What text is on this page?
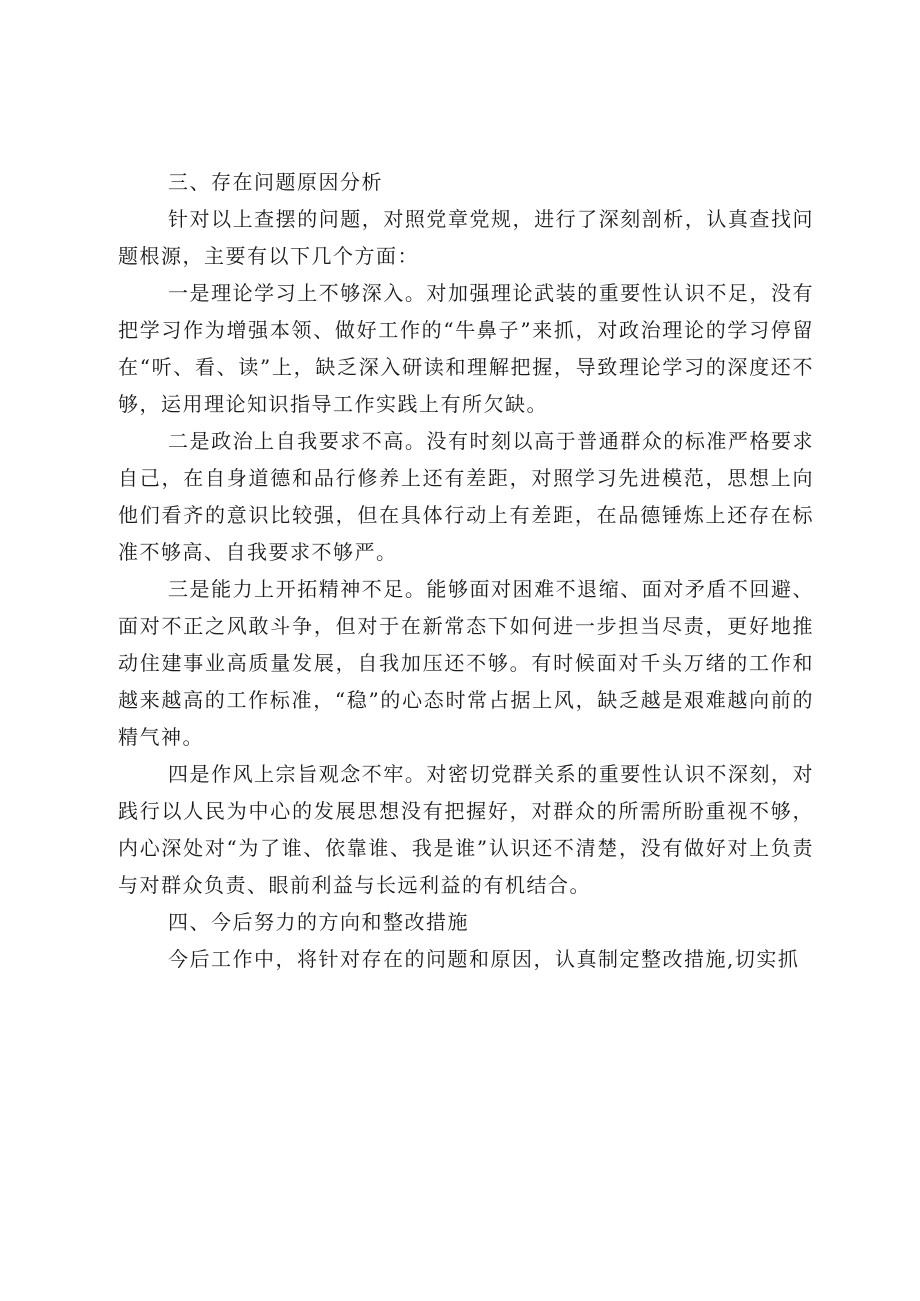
三、存在问题原因分析

针对以上查摆的问题，对照党章党规，进行了深刻剖析，认真查找问题根源，主要有以下几个方面：

一是理论学习上不够深入。对加强理论武装的重要性认识不足，没有把学习作为增强本领、做好工作的“牛鼻子”来抓，对政治理论的学习停留在“听、看、读”上，缺乏深入研读和理解把握，导致理论学习的深度还不够，运用理论知识指导工作实践上有所欠缺。

二是政治上自我要求不高。没有时刻以高于普通群众的标准严格要求自己，在自身道德和品行修养上还有差距，对照学习先进模范，思想上向他们看齐的意识比较强，但在具体行动上有差距，在品德锤炼上还存在标准不够高、自我要求不够严。

三是能力上开拓精神不足。能够面对困难不退缩、面对矛盾不回避、面对不正之风敢斗争，但对于在新常态下如何进一步担当尽责，更好地推动住建事业高质量发展，自我加压还不够。有时候面对千头万绪的工作和越来越高的工作标准，“稳”的心态时常占据上风，缺乏越是艰难越向前的精气神。

四是作风上宗旨观念不牢。对密切党群关系的重要性认识不深刻，对践行以人民为中心的发展思想没有把握好，对群众的所需所盼重视不够，内心深处对“为了谁、依靠谁、我是谁”认识还不清楚，没有做好对上负责与对群众负责、眼前利益与长远利益的有机结合。

四、今后努力的方向和整改措施

今后工作中，将针对存在的问题和原因，认真制定整改措施,切实抓
